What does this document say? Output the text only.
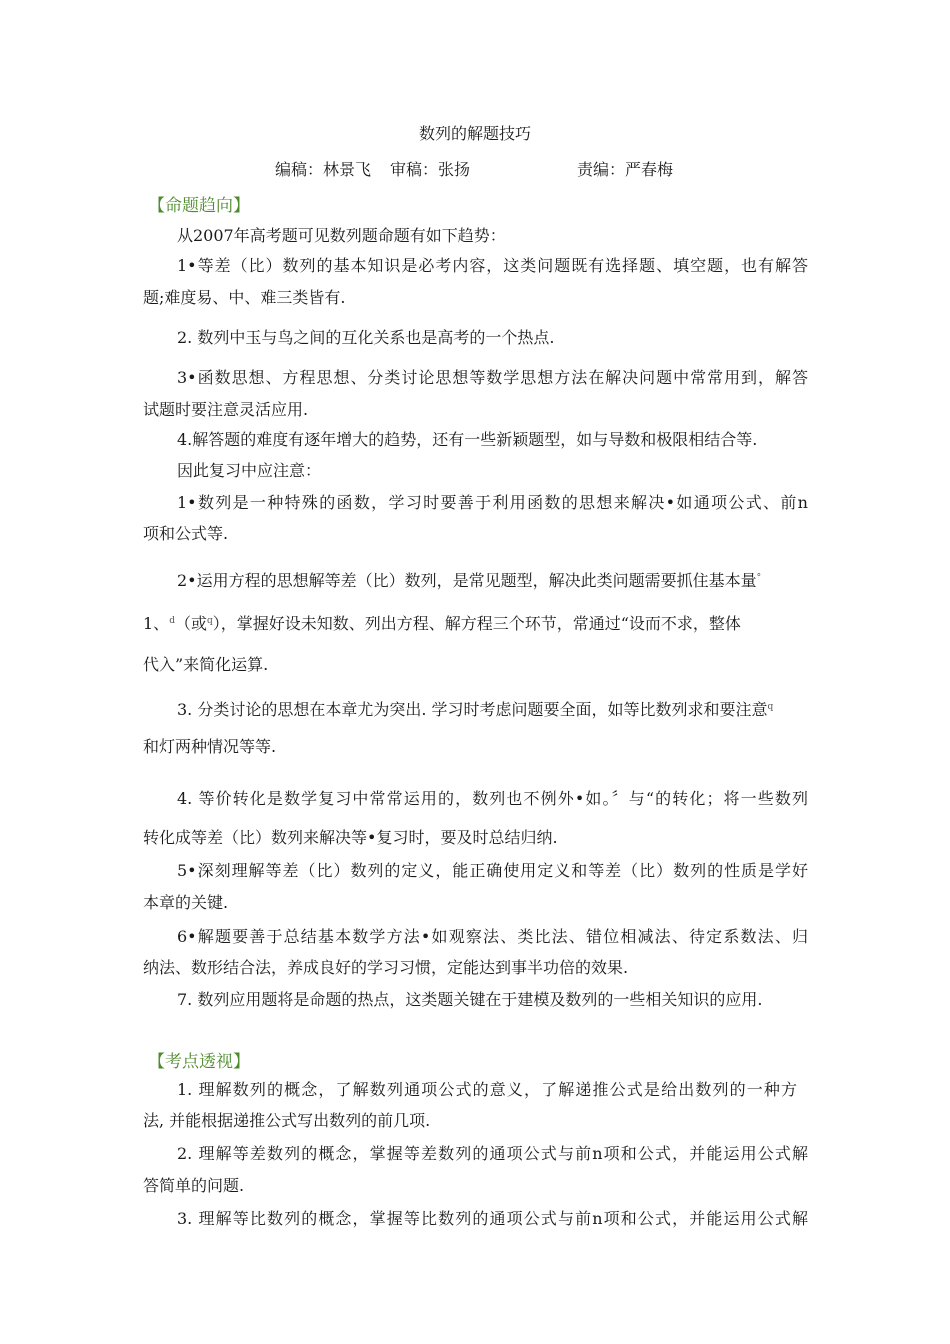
数列的解题技巧
编稿：林景飞 审稿：张扬	责编：严春梅
【命题趋向】
从2007年高考题可见数列题命题有如下趋势：
1•等差（比）数列的基本知识是必考内容，这类问题既有选择题、填空题，也有解答
题;难度易、中、难三类皆有.
2. 数列中玉与鸟之间的互化关系也是高考的一个热点.
3•函数思想、方程思想、分类讨论思想等数学思想方法在解决问题中常常用到，解答
试题时要注意灵活应用.
4.解答题的难度有逐年增大的趋势，还有一些新颖题型，如与导数和极限相结合等.
因此复习中应注意：
1•数列是一种特殊的函数，学习时要善于利用函数的思想来解决•如通项公式、前n
项和公式等.
2•运用方程的思想解等差（比）数列，是常见题型，解决此类问题需要抓住基本量°
1、$^d$（或$^q$），掌握好设未知数、列出方程、解方程三个环节，常通过“设而不求，整体
代入”来简化运算.
3. 分类讨论的思想在本章尤为突出. 学习时考虑问题要全面，如等比数列求和要注意$^q$
和灯两种情况等等.
4. 等价转化是数学复习中常常运用的，数列也不例外•如。〞与“的转化；将一些数列
转化成等差（比）数列来解决等•复习时，要及时总结归纳.
5•深刻理解等差（比）数列的定义，能正确使用定义和等差（比）数列的性质是学好
本章的关键.
6•解题要善于总结基本数学方法•如观察法、类比法、错位相减法、待定系数法、归
纳法、数形结合法，养成良好的学习习惯，定能达到事半功倍的效果.
7. 数列应用题将是命题的热点，这类题关键在于建模及数列的一些相关知识的应用.
【考点透视】
1. 理解数列的概念，了解数列通项公式的意义，了解递推公式是给出数列的一种方
法, 并能根据递推公式写出数列的前几项.
2. 理解等差数列的概念，掌握等差数列的通项公式与前n项和公式，并能运用公式解
答简单的问题.
3. 理解等比数列的概念，掌握等比数列的通项公式与前n项和公式，并能运用公式解
